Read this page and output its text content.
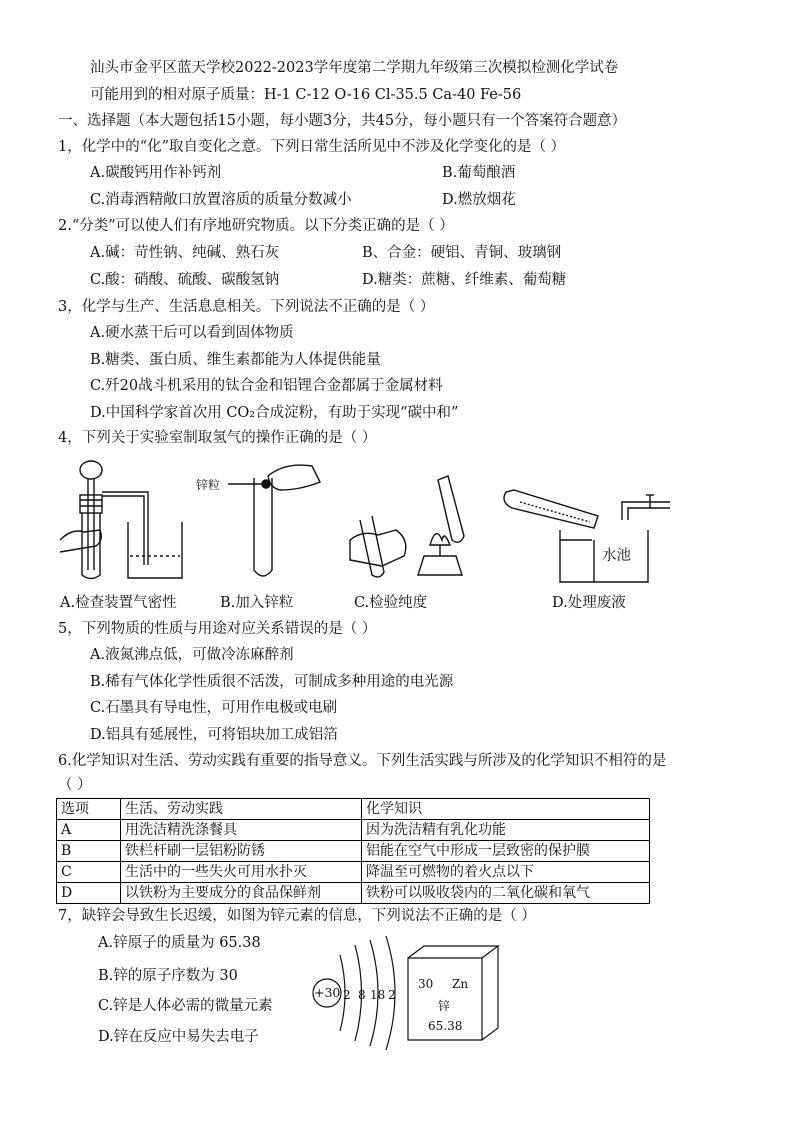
汕头市金平区蓝天学校2022-2023学年度第二学期九年级第三次模拟检测化学试卷
可能用到的相对原子质量：H-1 C-12 O-16 Cl-35.5 Ca-40 Fe-56
一、选择题（本大题包括15小题，每小题3分，共45分，每小题只有一个答案符合题意）
1，化学中的“化”取自变化之意。下列日常生活所见中不涉及化学变化的是（ ）
A.碳酸钙用作补钙剂	B.葡萄酿酒
C.消毒酒精敞口放置溶质的质量分数减小	D.燃放烟花
2.“分类”可以使人们有序地研究物质。以下分类正确的是（ ）
A.碱：苛性钠、纯碱、熟石灰	B、合金：硬铝、青铜、玻璃钢
C.酸：硝酸、硫酸、碳酸氢钠	D.糖类：蔗糖、纤维素、葡萄糖
3，化学与生产、生活息息相关。下列说法不正确的是（ ）
A.硬水蒸干后可以看到固体物质
B.糖类、蛋白质、维生素都能为人体提供能量
C.歼20战斗机采用的钛合金和铝锂合金都属于金属材料
D.中国科学家首次用 CO₂合成淀粉，有助于实现“碳中和”
4，下列关于实验室制取氢气的操作正确的是（ ）
锌粒
水池
A.检查装置气密性	B.加入锌粒	C.检验纯度	D.处理废液
5，下列物质的性质与用途对应关系错误的是（ ）
A.液氮沸点低，可做冷冻麻醉剂
B.稀有气体化学性质很不活泼，可制成多种用途的电光源
C.石墨具有导电性，可用作电极或电刷
D.铝具有延展性，可将铝块加工成铝箔
6.化学知识对生活、劳动实践有重要的指导意义。下列生活实践与所涉及的化学知识不相符的是
（ ）
选项	生活、劳动实践	化学知识
A	用洗洁精洗涤餐具	因为洗洁精有乳化功能
B	铁栏杆刷一层铝粉防锈	铝能在空气中形成一层致密的保护膜
C	生活中的一些失火可用水扑灭	降温至可燃物的着火点以下
D	以铁粉为主要成分的食品保鲜剂	铁粉可以吸收袋内的二氧化碳和氧气
7，缺锌会导致生长迟缓，如图为锌元素的信息，下列说法不正确的是（ ）
A.锌原子的质量为 65.38
B.锌的原子序数为 30
C.锌是人体必需的微量元素
D.锌在反应中易失去电子
+30 2 8 18 2
30 Zn
锌
65.38
